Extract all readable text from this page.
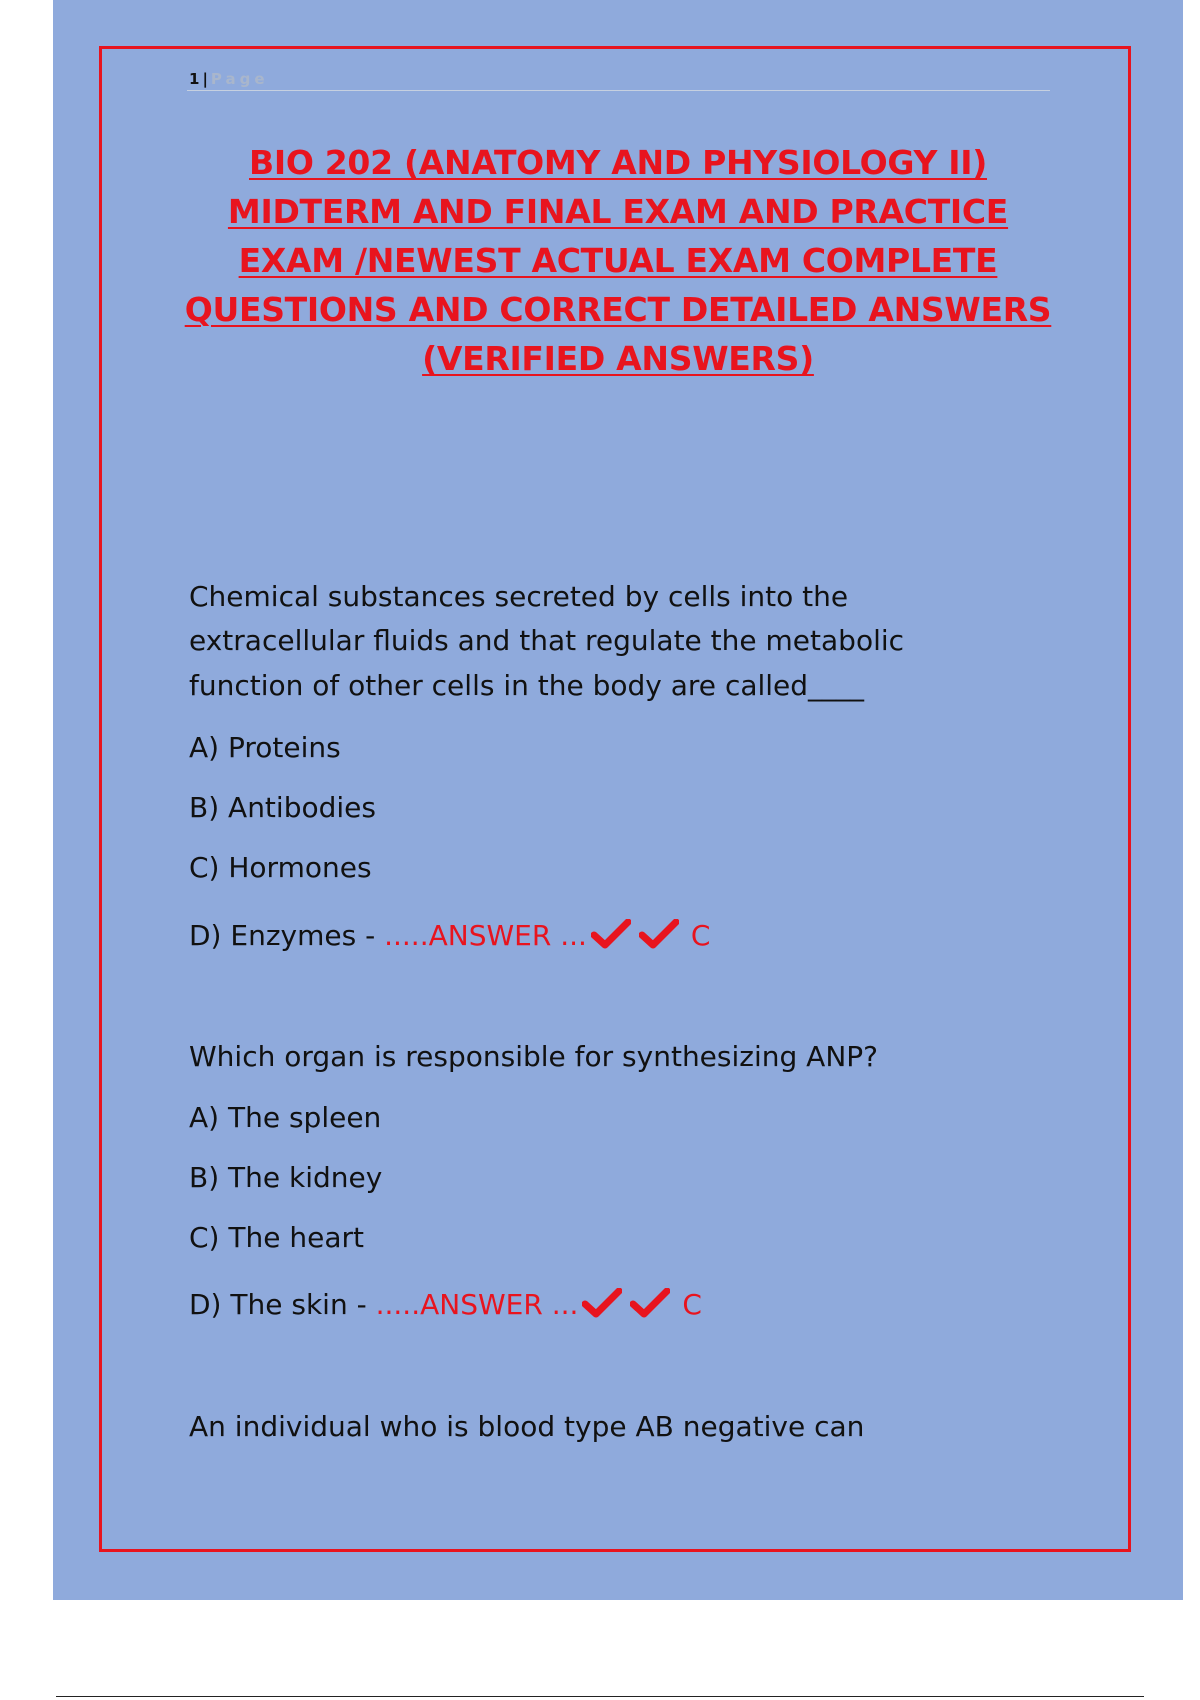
1 | Page
BIO 202 (ANATOMY AND PHYSIOLOGY II)
MIDTERM AND FINAL EXAM AND PRACTICE
EXAM /NEWEST ACTUAL EXAM COMPLETE
QUESTIONS AND CORRECT DETAILED ANSWERS
(VERIFIED ANSWERS)
Chemical substances secreted by cells into the
extracellular fluids and that regulate the metabolic
function of other cells in the body are called____
A) Proteins
B) Antibodies
C) Hormones
D) Enzymes - .....ANSWER ...	C
Which organ is responsible for synthesizing ANP?
A) The spleen
B) The kidney
C) The heart
D) The skin - .....ANSWER ...	C
An individual who is blood type AB negative can
